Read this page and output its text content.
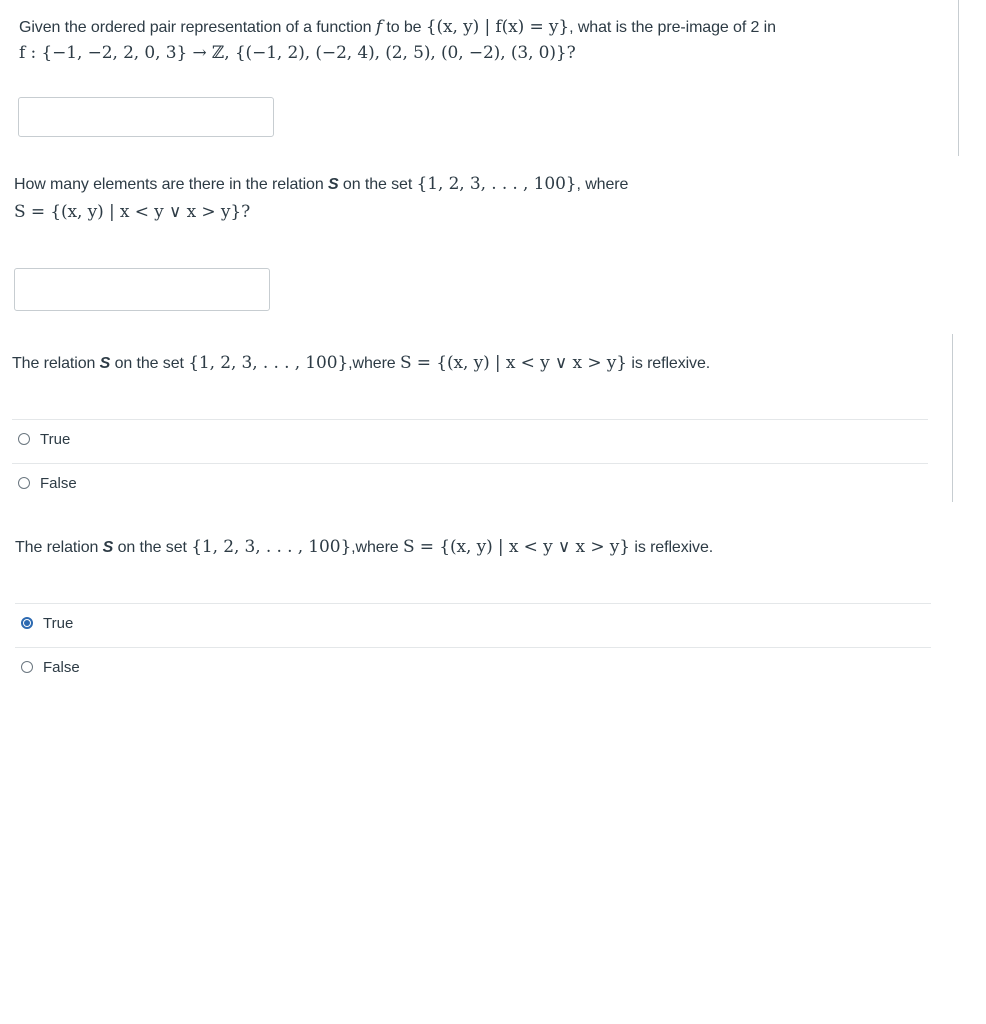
Given the ordered pair representation of a function f to be {(x, y) | f(x) = y}, what is the pre-image of 2 in
f : {−1, −2, 2, 0, 3} → ℤ, {(−1, 2), (−2, 4), (2, 5), (0, −2), (3, 0)}?
How many elements are there in the relation S on the set {1, 2, 3, . . . , 100}, where
S = {(x, y) | x < y ∨ x > y}?
The relation S on the set {1, 2, 3, . . . , 100},where S = {(x, y) | x < y ∨ x > y} is reflexive.
True
False
The relation S on the set {1, 2, 3, . . . , 100},where S = {(x, y) | x < y ∨ x > y} is reflexive.
True
False
